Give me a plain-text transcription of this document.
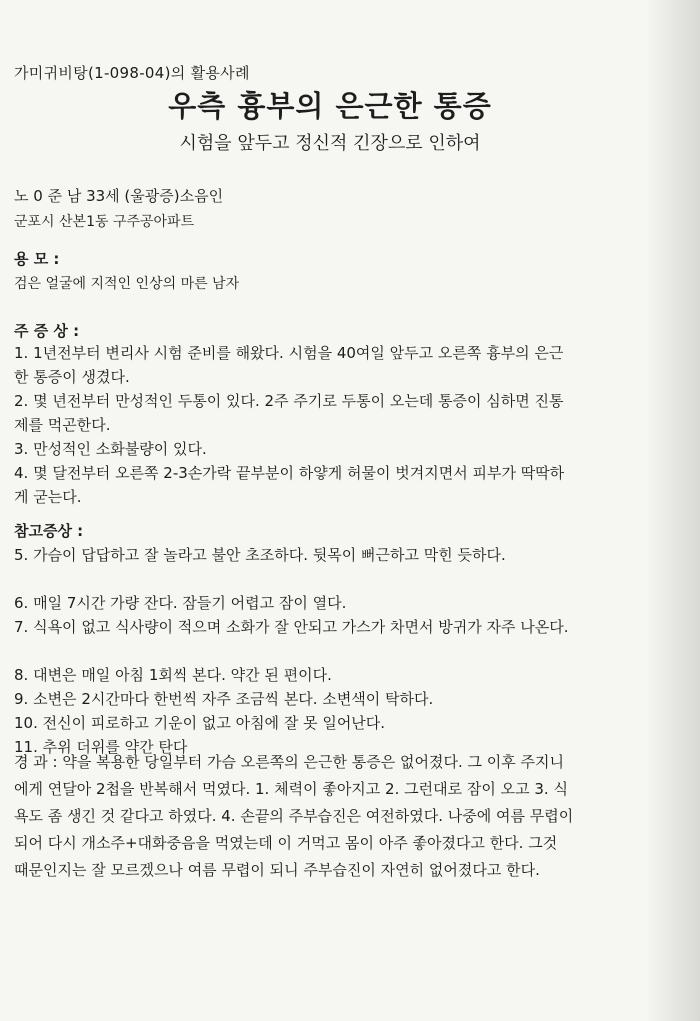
가미귀비탕(1-098-04)의 활용사례
우측 흉부의 은근한 통증
시험을 앞두고 정신적 긴장으로 인하여
노 0 준 남 33세 (울광증)소음인
군포시 산본1동 구주공아파트
용 모 :
검은 얼굴에 지적인 인상의 마른 남자
주 증 상 :
1. 1년전부터 변리사 시험 준비를 해왔다. 시험을 40여일 앞두고 오른쪽 흉부의 은근한 통증이 생겼다.
2. 몇 년전부터 만성적인 두통이 있다. 2주 주기로 두통이 오는데 통증이 심하면 진통제를 먹곤한다.
3. 만성적인 소화불량이 있다.
4. 몇 달전부터 오른쪽 2-3손가락 끝부분이 하얗게 허물이 벗겨지면서 피부가 딱딱하게 굳는다.
참고증상 :
5. 가슴이 답답하고 잘 놀라고 불안 초조하다. 뒷목이 뻐근하고 막힌 듯하다.
6. 매일 7시간 가량 잔다. 잠들기 어렵고 잠이 열다.
7. 식욕이 없고 식사량이 적으며 소화가 잘 안되고 가스가 차면서 방귀가 자주 나온다.
8. 대변은 매일 아침 1회씩 본다. 약간 된 편이다.
9. 소변은 2시간마다 한번씩 자주 조금씩 본다. 소변색이 탁하다.
10. 전신이 피로하고 기운이 없고 아침에 잘 못 일어난다.
11. 추위 더위를 약간 탄다
경 과 : 약을 복용한 당일부터 가슴 오른쪽의 은근한 통증은 없어졌다. 그 이후 주지니에게 연달아 2첩을 반복해서 먹였다. 1. 체력이 좋아지고 2. 그런대로 잠이 오고 3. 식욕도 좀 생긴 것 같다고 하였다. 4. 손끝의 주부습진은 여전하였다. 나중에 여름 무렵이 되어 다시 개소주+대화중음을 먹였는데 이 거먹고 몸이 아주 좋아졌다고 한다. 그것 때문인지는 잘 모르겠으나 여름 무렵이 되니 주부습진이 자연히 없어졌다고 한다.
